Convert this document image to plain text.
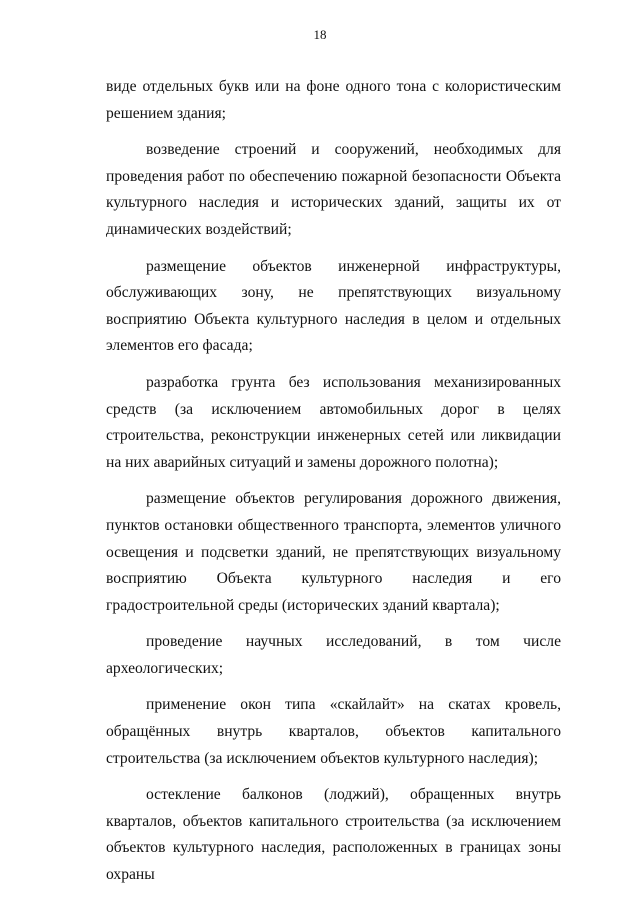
18

виде отдельных букв или на фоне одного тона с колористическим решением здания;

возведение строений и сооружений, необходимых для проведения работ по обеспечению пожарной безопасности Объекта культурного наследия и исторических зданий, защиты их от динамических воздействий;

размещение объектов инженерной инфраструктуры, обслуживающих зону, не препятствующих визуальному восприятию Объекта культурного наследия в целом и отдельных элементов его фасада;

разработка грунта без использования механизированных средств (за исключением автомобильных дорог в целях строительства, реконструкции инженерных сетей или ликвидации на них аварийных ситуаций и замены дорожного полотна);

размещение объектов регулирования дорожного движения, пунктов остановки общественного транспорта, элементов уличного освещения и подсветки зданий, не препятствующих визуальному восприятию Объекта культурного наследия и его градостроительной среды (исторических зданий квартала);

проведение научных исследований, в том числе археологических;

применение окон типа «скайлайт» на скатах кровель, обращённых внутрь кварталов, объектов капитального строительства (за исключением объектов культурного наследия);

остекление балконов (лоджий), обращенных внутрь кварталов, объектов капитального строительства (за исключением объектов культурного наследия, расположенных в границах зоны охраны
